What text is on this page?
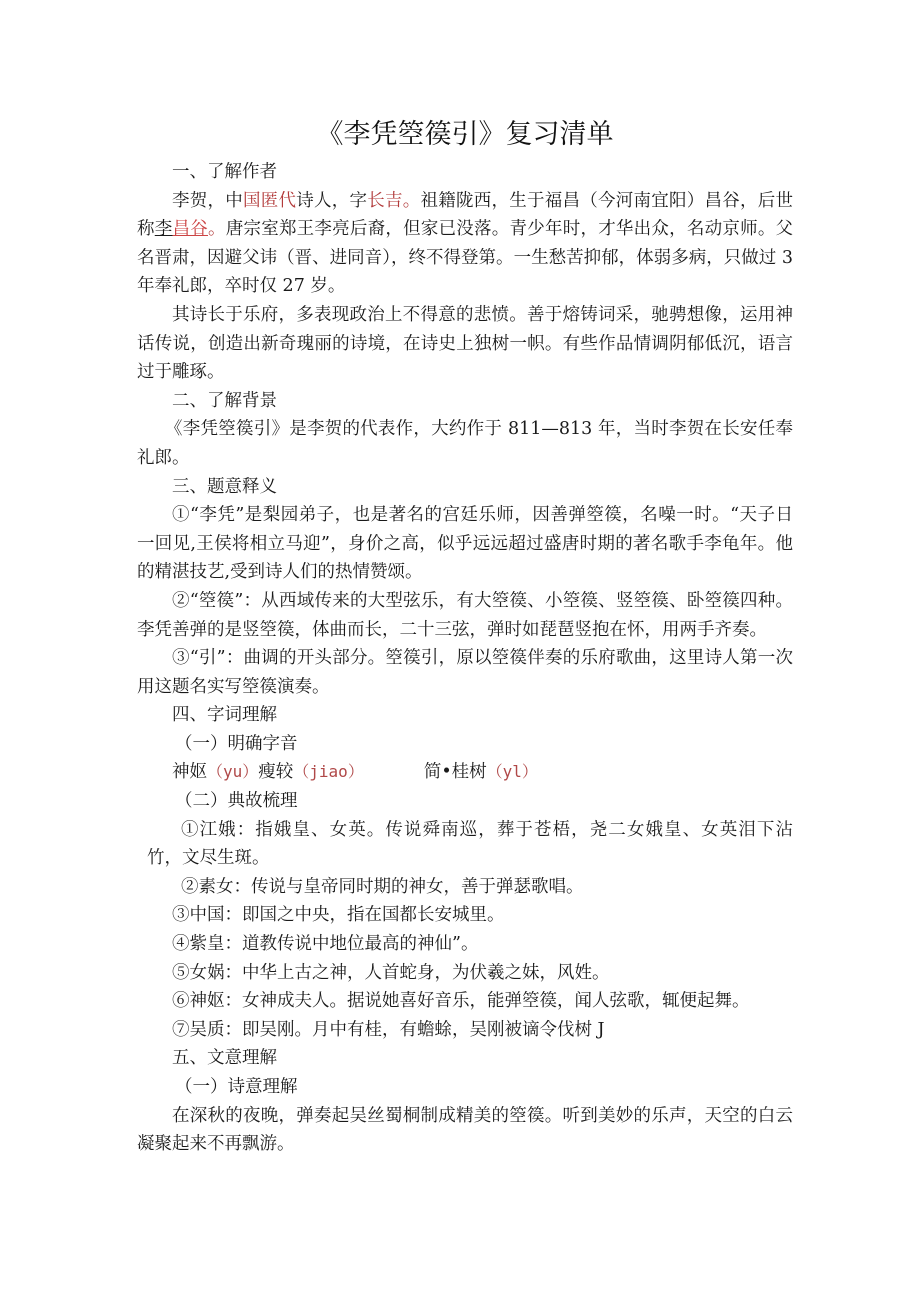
《李凭箜篌引》复习清单

一、了解作者

李贺，中国匿代诗人，字长吉。祖籍陇西，生于福昌（今河南宜阳）昌谷，后世称李昌谷。唐宗室郑王李亮后裔，但家已没落。青少年时，才华出众，名动京师。父名晋肃，因避父讳（晋、进同音），终不得登第。一生愁苦抑郁，体弱多病，只做过 3 年奉礼郎，卒时仅 27 岁。

其诗长于乐府，多表现政治上不得意的悲愤。善于熔铸词采，驰骋想像，运用神话传说，创造出新奇瑰丽的诗境，在诗史上独树一帜。有些作品情调阴郁低沉，语言过于雕琢。

二、了解背景

《李凭箜篌引》是李贺的代表作，大约作于 811—813 年，当时李贺在长安任奉礼郎。

三、题意释义

①“李凭”是梨园弟子，也是著名的宫廷乐师，因善弹箜篌，名噪一时。“天子日一回见,王侯将相立马迎”，身价之高，似乎远远超过盛唐时期的著名歌手李龟年。他的精湛技艺,受到诗人们的热情赞颂。

②“箜篌”：从西域传来的大型弦乐，有大箜篌、小箜篌、竖箜篌、卧箜篌四种。李凭善弹的是竖箜篌，体曲而长，二十三弦，弹时如琵琶竖抱在怀，用两手齐奏。

③“引”：曲调的开头部分。箜篌引，原以箜篌伴奏的乐府歌曲，这里诗人第一次用这题名实写箜篌演奏。

四、字词理解

（一）明确字音

神妪（yu）瘦较（jiao）	简•桂树（yl）

（二）典故梳理

①江娥：指娥皇、女英。传说舜南巡，葬于苍梧，尧二女娥皇、女英泪下沾竹，文尽生斑。

②素女：传说与皇帝同时期的神女，善于弹瑟歌唱。

③中国：即国之中央，指在国都长安城里。

④紫皇：道教传说中地位最高的神仙”。

⑤女娲：中华上古之神，人首蛇身，为伏羲之妹，风姓。

⑥神妪：女神成夫人。据说她喜好音乐，能弹箜篌，闻人弦歌，辄便起舞。

⑦吴质：即吴刚。月中有桂，有蟾蜍，吴刚被谪令伐树 J

五、文意理解

（一）诗意理解

在深秋的夜晚，弹奏起吴丝蜀桐制成精美的箜篌。听到美妙的乐声，天空的白云凝聚起来不再飘游。
